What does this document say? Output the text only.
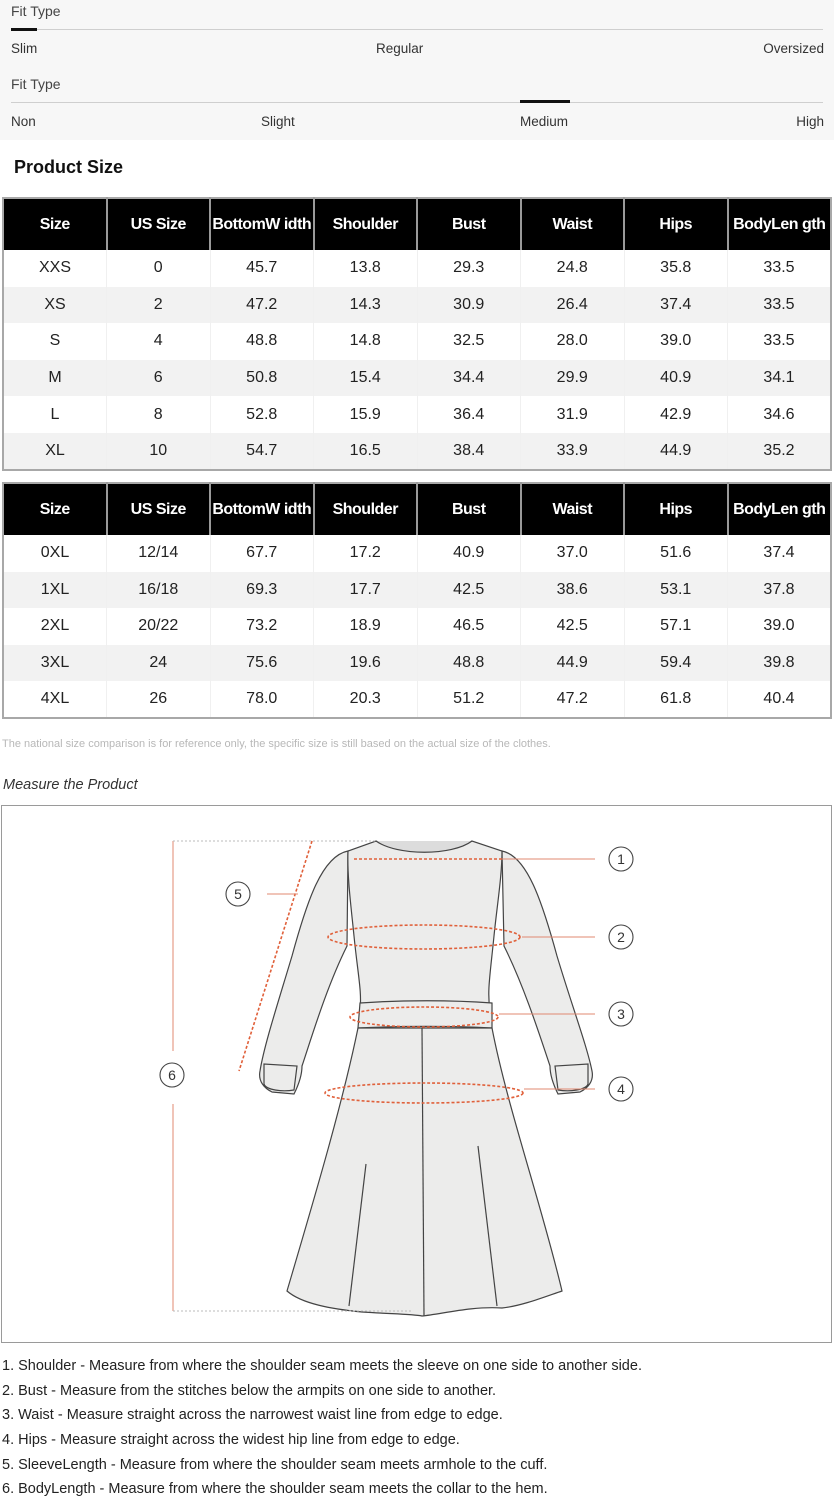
Fit Type
Slim	Regular	Oversized
Fit Type
Non	Slight	Medium	High
Product Size
Size	US Size	BottomW idth	Shoulder	Bust	Waist	Hips	BodyLen gth
XXS	0	45.7	13.8	29.3	24.8	35.8	33.5
XS	2	47.2	14.3	30.9	26.4	37.4	33.5
S	4	48.8	14.8	32.5	28.0	39.0	33.5
M	6	50.8	15.4	34.4	29.9	40.9	34.1
L	8	52.8	15.9	36.4	31.9	42.9	34.6
XL	10	54.7	16.5	38.4	33.9	44.9	35.2
Size	US Size	BottomW idth	Shoulder	Bust	Waist	Hips	BodyLen gth
0XL	12/14	67.7	17.2	40.9	37.0	51.6	37.4
1XL	16/18	69.3	17.7	42.5	38.6	53.1	37.8
2XL	20/22	73.2	18.9	46.5	42.5	57.1	39.0
3XL	24	75.6	19.6	48.8	44.9	59.4	39.8
4XL	26	78.0	20.3	51.2	47.2	61.8	40.4
The national size comparison is for reference only, the specific size is still based on the actual size of the clothes.
Measure the Product
1
2
3
4
5
6
1. Shoulder - Measure from where the shoulder seam meets the sleeve on one side to another side.
2. Bust - Measure from the stitches below the armpits on one side to another.
3. Waist - Measure straight across the narrowest waist line from edge to edge.
4. Hips - Measure straight across the widest hip line from edge to edge.
5. SleeveLength - Measure from where the shoulder seam meets armhole to the cuff.
6. BodyLength - Measure from where the shoulder seam meets the collar to the hem.
